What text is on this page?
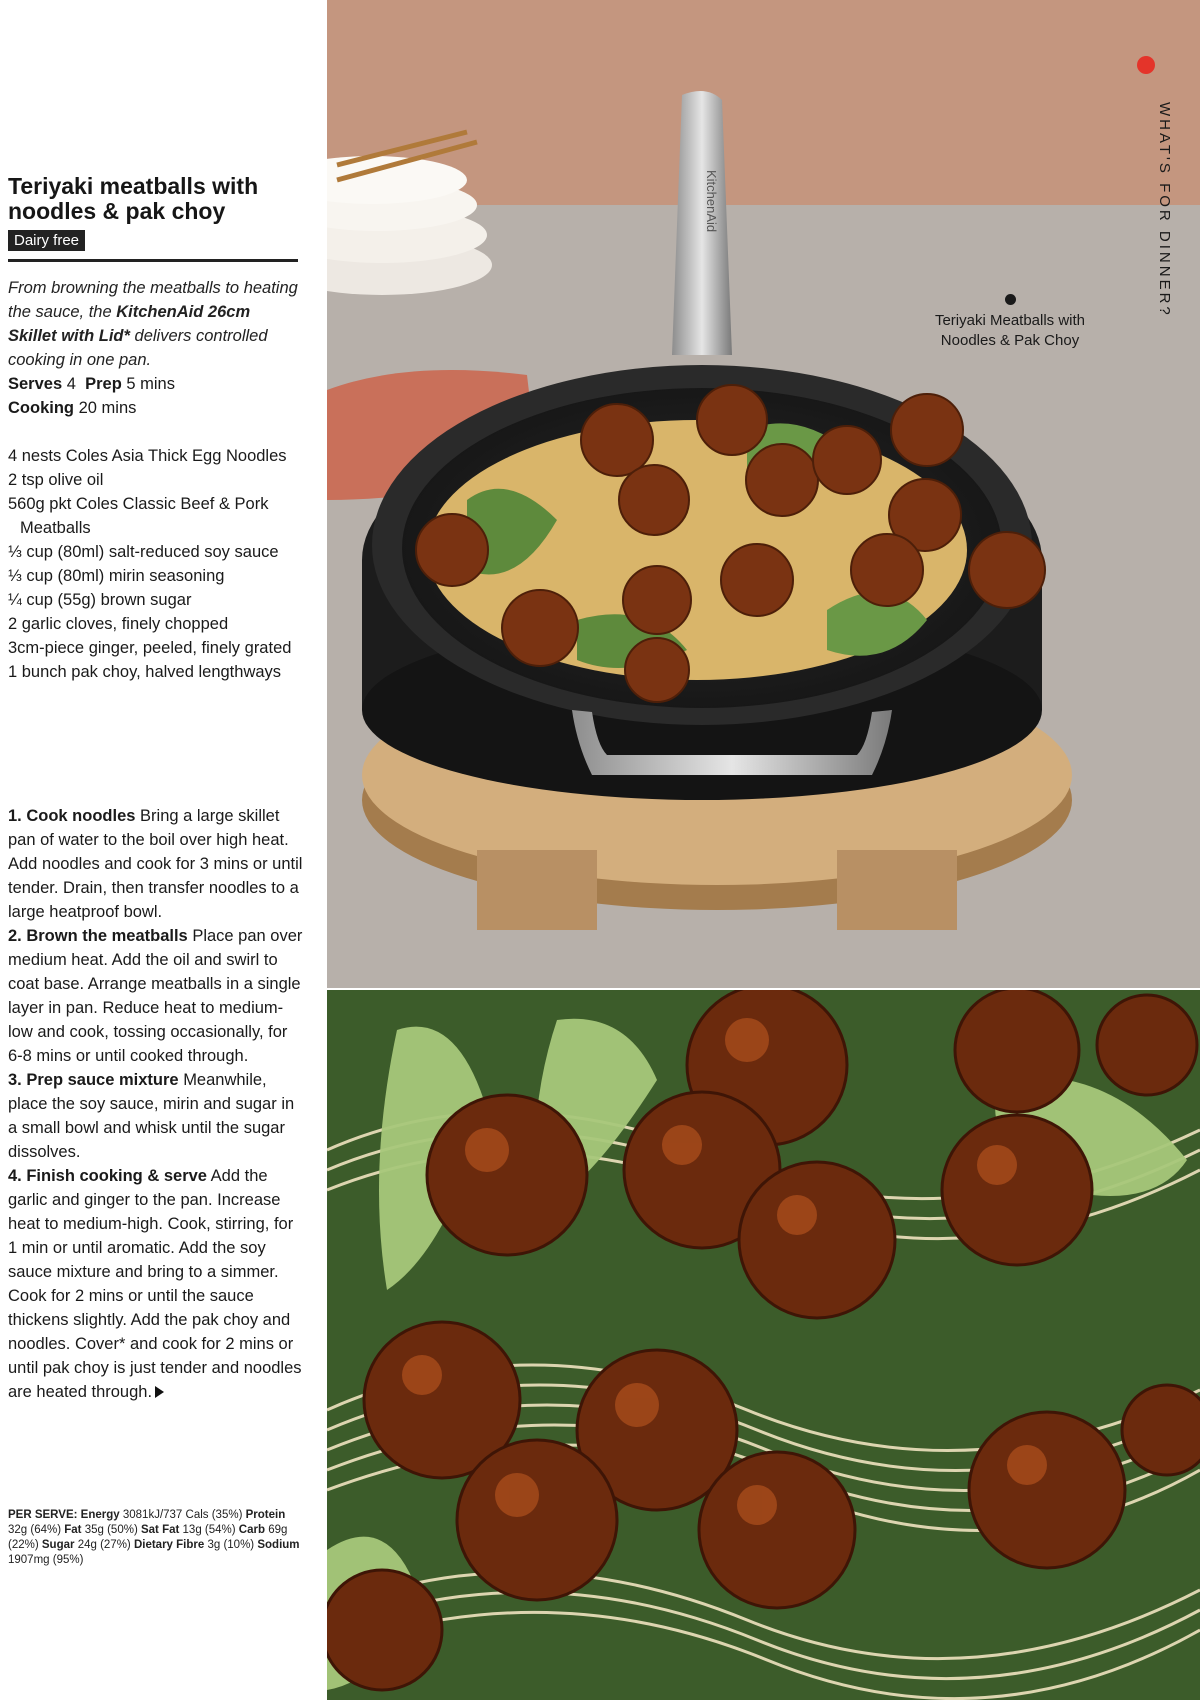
Teriyaki meatballs with noodles & pak choy
Dairy free
From browning the meatballs to heating the sauce, the KitchenAid 26cm Skillet with Lid* delivers controlled cooking in one pan.
Serves 4 Prep 5 mins
Cooking 20 mins
4 nests Coles Asia Thick Egg Noodles
2 tsp olive oil
560g pkt Coles Classic Beef & Pork Meatballs
⅓ cup (80ml) salt-reduced soy sauce
⅓ cup (80ml) mirin seasoning
¼ cup (55g) brown sugar
2 garlic cloves, finely chopped
3cm-piece ginger, peeled, finely grated
1 bunch pak choy, halved lengthways
1. Cook noodles Bring a large skillet pan of water to the boil over high heat. Add noodles and cook for 3 mins or until tender. Drain, then transfer noodles to a large heatproof bowl.
2. Brown the meatballs Place pan over medium heat. Add the oil and swirl to coat base. Arrange meatballs in a single layer in pan. Reduce heat to medium-low and cook, tossing occasionally, for 6-8 mins or until cooked through.
3. Prep sauce mixture Meanwhile, place the soy sauce, mirin and sugar in a small bowl and whisk until the sugar dissolves.
4. Finish cooking & serve Add the garlic and ginger to the pan. Increase heat to medium-high. Cook, stirring, for 1 min or until aromatic. Add the soy sauce mixture and bring to a simmer. Cook for 2 mins or until the sauce thickens slightly. Add the pak choy and noodles. Cover* and cook for 2 mins or until pak choy is just tender and noodles are heated through.
PER SERVE: Energy 3081kJ/737 Cals (35%) Protein 32g (64%) Fat 35g (50%) Sat Fat 13g (54%) Carb 69g (22%) Sugar 24g (27%) Dietary Fibre 3g (10%) Sodium 1907mg (95%)
KitchenAid	WHAT'S FOR DINNER?
Teriyaki Meatballs with Noodles & Pak Choy
